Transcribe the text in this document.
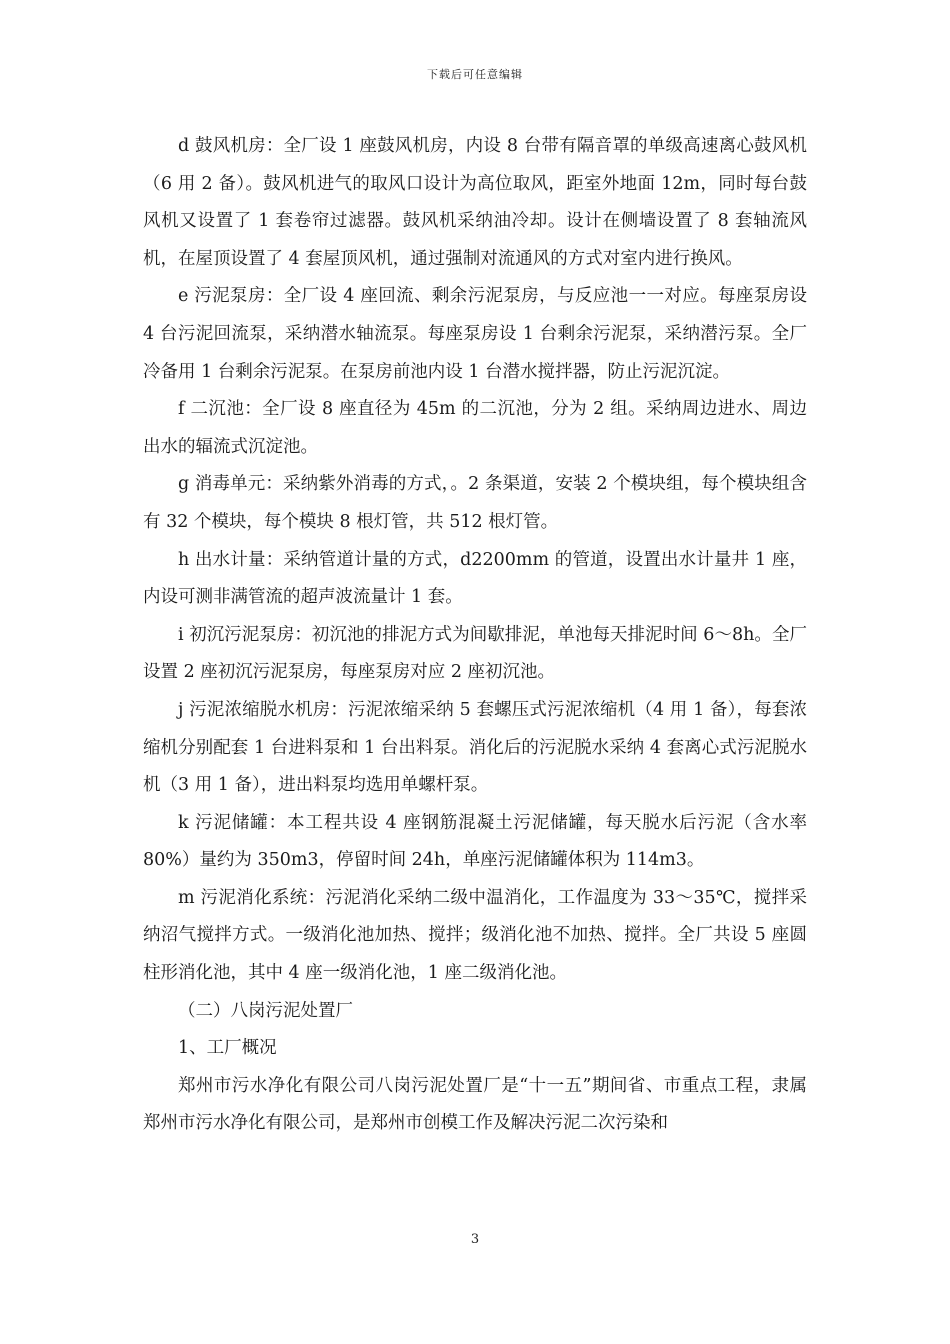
下载后可任意编辑

d 鼓风机房：全厂设 1 座鼓风机房，内设 8 台带有隔音罩的单级高速离心鼓风机（6 用 2 备）。鼓风机进气的取风口设计为高位取风，距室外地面 12m，同时每台鼓风机又设置了 1 套卷帘过滤器。鼓风机采纳油冷却。设计在侧墙设置了 8 套轴流风机，在屋顶设置了 4 套屋顶风机，通过强制对流通风的方式对室内进行换风。

e 污泥泵房：全厂设 4 座回流、剩余污泥泵房，与反应池一一对应。每座泵房设 4 台污泥回流泵，采纳潜水轴流泵。每座泵房设 1 台剩余污泥泵，采纳潜污泵。全厂冷备用 1 台剩余污泥泵。在泵房前池内设 1 台潜水搅拌器，防止污泥沉淀。

f 二沉池：全厂设 8 座直径为 45m 的二沉池，分为 2 组。采纳周边进水、周边出水的辐流式沉淀池。

g 消毒单元：采纳紫外消毒的方式，。2 条渠道，安装 2 个模块组，每个模块组含有 32 个模块，每个模块 8 根灯管，共 512 根灯管。

h 出水计量：采纳管道计量的方式，d2200mm 的管道，设置出水计量井 1 座，内设可测非满管流的超声波流量计 1 套。

i 初沉污泥泵房：初沉池的排泥方式为间歇排泥，单池每天排泥时间 6～8h。全厂设置 2 座初沉污泥泵房，每座泵房对应 2 座初沉池。

j 污泥浓缩脱水机房：污泥浓缩采纳 5 套螺压式污泥浓缩机（4 用 1 备），每套浓缩机分别配套 1 台进料泵和 1 台出料泵。消化后的污泥脱水采纳 4 套离心式污泥脱水机（3 用 1 备），进出料泵均选用单螺杆泵。

k 污泥储罐：本工程共设 4 座钢筋混凝土污泥储罐，每天脱水后污泥（含水率 80%）量约为 350m3，停留时间 24h，单座污泥储罐体积为 114m3。

m 污泥消化系统：污泥消化采纳二级中温消化，工作温度为 33～35℃，搅拌采纳沼气搅拌方式。一级消化池加热、搅拌；级消化池不加热、搅拌。全厂共设 5 座圆柱形消化池，其中 4 座一级消化池，1 座二级消化池。

（二）八岗污泥处置厂

1、工厂概况

郑州市污水净化有限公司八岗污泥处置厂是“十一五”期间省、市重点工程，隶属郑州市污水净化有限公司，是郑州市创模工作及解决污泥二次污染和

3
